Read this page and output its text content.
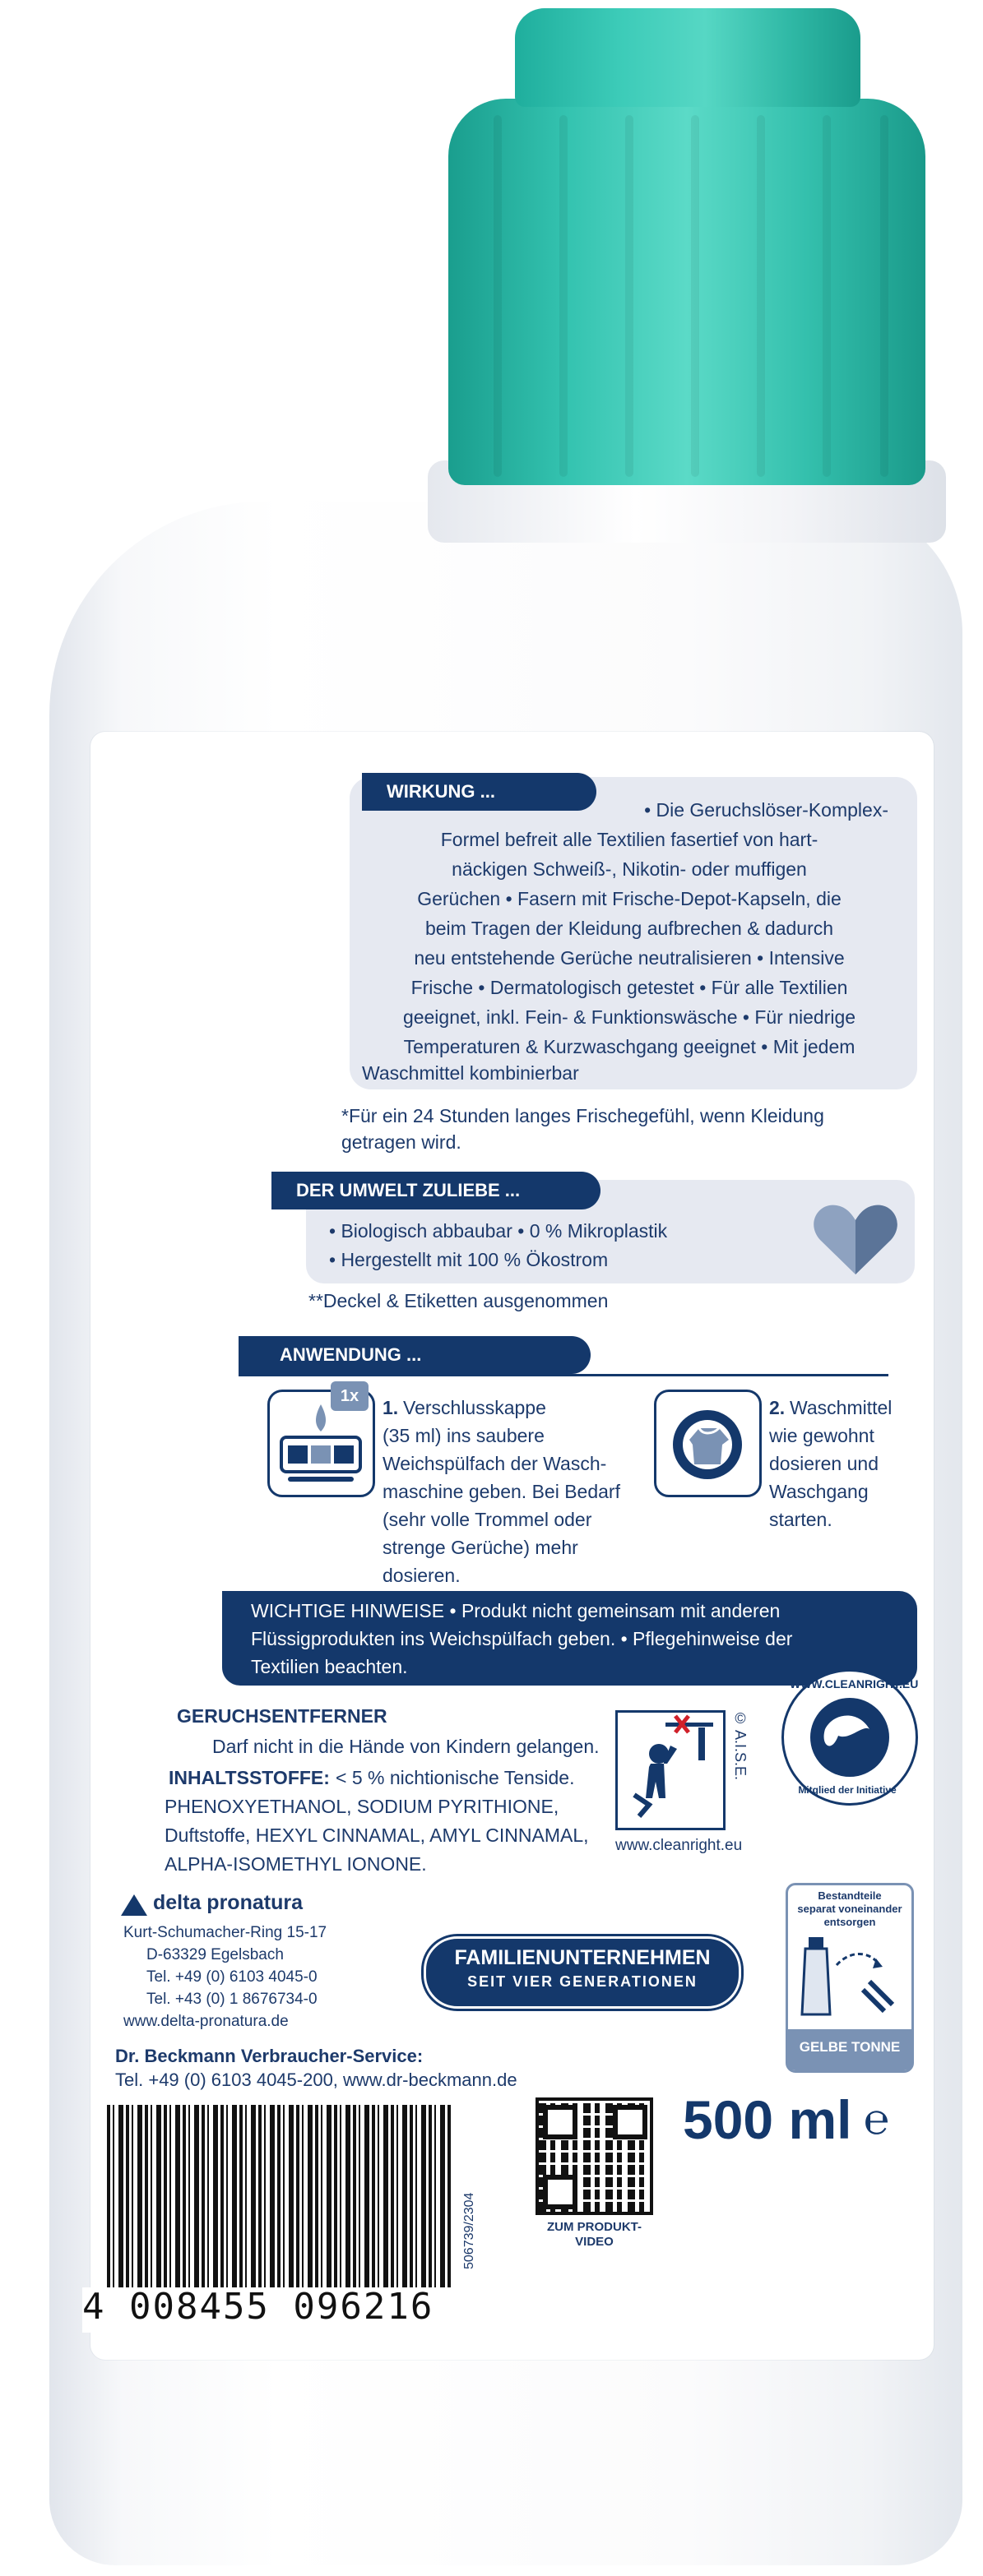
WIRKUNG ...
• Die Geruchslöser-Komplex-
Formel befreit alle Textilien fasertief von hart-
näckigen Schweiß-, Nikotin- oder muffigen
Gerüchen • Fasern mit Frische-Depot-Kapseln, die
beim Tragen der Kleidung aufbrechen & dadurch
neu entstehende Gerüche neutralisieren • Intensive
Frische • Dermatologisch getestet • Für alle Textilien
geeignet, inkl. Fein- & Funktionswäsche • Für niedrige
Temperaturen & Kurzwaschgang geeignet • Mit jedem
Waschmittel kombinierbar
*Für ein 24 Stunden langes Frischegefühl, wenn Kleidung
getragen wird.
DER UMWELT ZULIEBE ...
• Biologisch abbaubar • 0 % Mikroplastik
• Hergestellt mit 100 % Ökostrom
**Deckel & Etiketten ausgenommen
ANWENDUNG ...
1x
1. Verschlusskappe
(35 ml) ins saubere
Weichspülfach der Wasch-
maschine geben. Bei Bedarf
(sehr volle Trommel oder
strenge Gerüche) mehr
dosieren.
2. Waschmittel
wie gewohnt
dosieren und
Waschgang
starten.
WICHTIGE HINWEISE • Produkt nicht gemeinsam mit anderen
Flüssigprodukten ins Weichspülfach geben. • Pflegehinweise der
Textilien beachten.
GERUCHSENTFERNER
Darf nicht in die Hände von Kindern gelangen.
INHALTSSTOFFE: < 5 % nichtionische Tenside.
PHENOXYETHANOL, SODIUM PYRITHIONE,
Duftstoffe, HEXYL CINNAMAL, AMYL CINNAMAL,
ALPHA-ISOMETHYL IONONE.
© A.I.S.E.
www.cleanright.eu
WWW.CLEANRIGHT.EU
Mitglied der Initiative
delta pronatura
Kurt-Schumacher-Ring 15-17
D-63329 Egelsbach
Tel. +49 (0) 6103 4045-0
Tel. +43 (0) 1 8676734-0
www.delta-pronatura.de
FAMILIENUNTERNEHMEN
SEIT VIER GENERATIONEN
Bestandteile
separat voneinander
entsorgen
GELBE TONNE
Dr. Beckmann Verbraucher-Service:
Tel. +49 (0) 6103 4045-200, www.dr-beckmann.de
4 008455 096216
506739/2304	ZUM PRODUKT-
VIDEO
500 ml ℮
